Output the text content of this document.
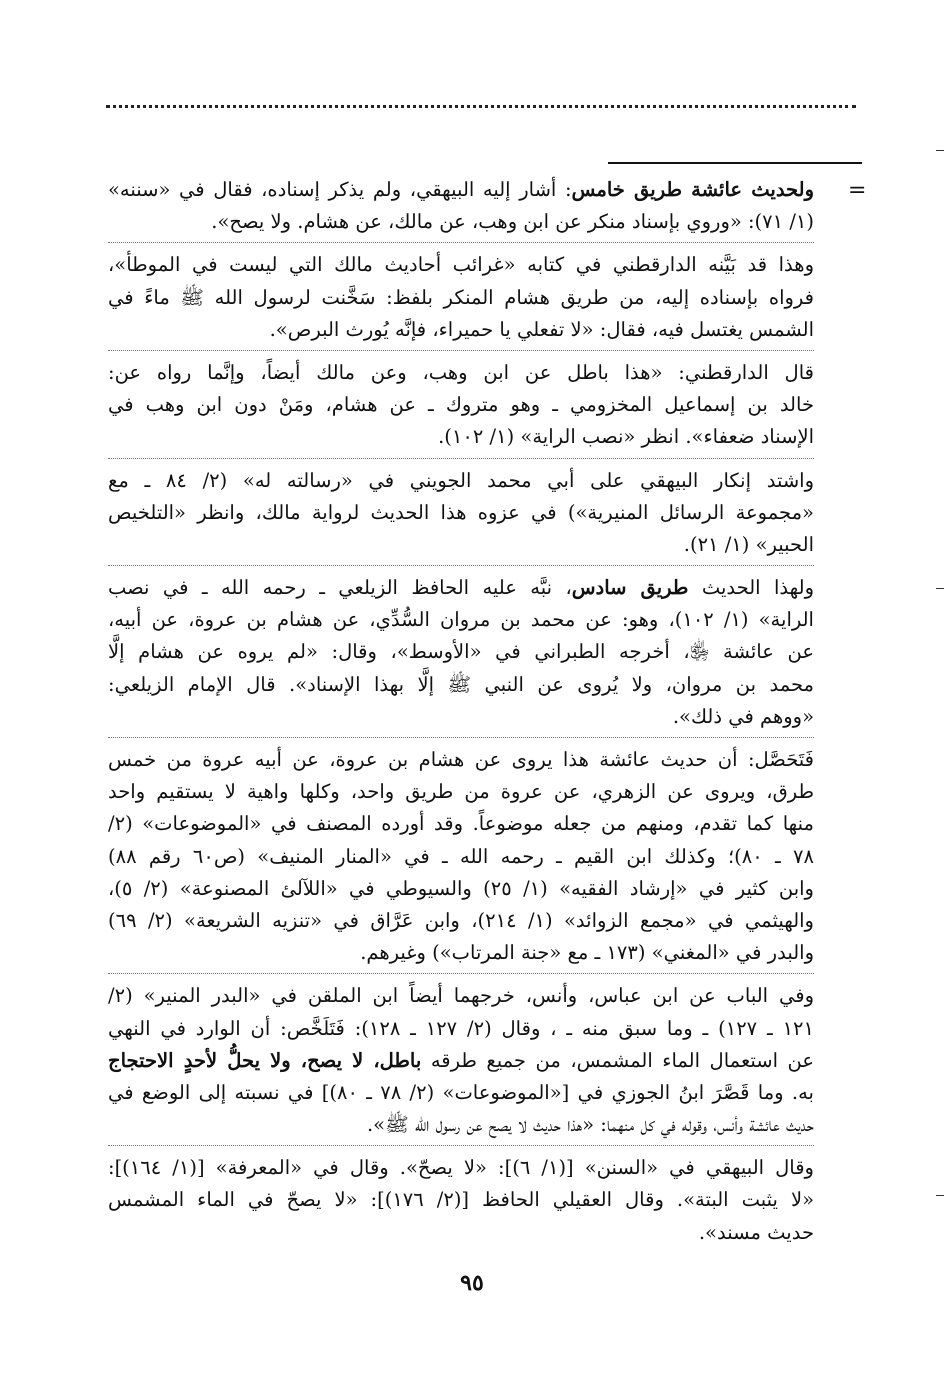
=
ولحديث عائشة طريق خامس: أشار إليه البيهقي، ولم يذكر إسناده، فقال في «سننه»
(١/ ٧١): «وروي بإسناد منكر عن ابن وهب، عن مالك، عن هشام. ولا يصح».
وهذا قد بَيَّنه الدارقطني في كتابه «غرائب أحاديث مالك التي ليست في الموطأ»،
فرواه بإسناده إليه، من طريق هشام المنكر بلفظ: سَخَّنت لرسول الله ﷺ ماءً في
الشمس يغتسل فيه، فقال: «لا تفعلي يا حميراء، فإنَّه يُورث البرص».
قال الدارقطني: «هذا باطل عن ابن وهب، وعن مالك أيضاً، وإنَّما رواه عن:
خالد بن إسماعيل المخزومي ـ وهو متروك ـ عن هشام، ومَنْ دون ابن وهب في
الإسناد ضعفاء». انظر «نصب الراية» (١/ ١٠٢).
واشتد إنكار البيهقي على أبي محمد الجويني في «رسالته له» (٢/ ٨٤ ـ مع
«مجموعة الرسائل المنيرية») في عزوه هذا الحديث لرواية مالك، وانظر «التلخيص
الحبير» (١/ ٢١).
ولهذا الحديث طريق سادس، نبَّه عليه الحافظ الزيلعي ـ رحمه الله ـ في نصب
الراية» (١/ ١٠٢)، وهو: عن محمد بن مروان السُّدِّي، عن هشام بن عروة، عن أبيه،
عن عائشة ﵂، أخرجه الطبراني في «الأوسط»، وقال: «لم يروه عن هشام إلَّا
محمد بن مروان، ولا يُروى عن النبي ﷺ إلَّا بهذا الإسناد». قال الإمام الزيلعي:
«ووهم في ذلك».
فَتَحَصَّل: أن حديث عائشة هذا يروى عن هشام بن عروة، عن أبيه عروة من خمس
طرق، ويروى عن الزهري، عن عروة من طريق واحد، وكلها واهية لا يستقيم واحد
منها كما تقدم، ومنهم من جعله موضوعاً. وقد أورده المصنف في «الموضوعات» (٢/
٧٨ ـ ٨٠)؛ وكذلك ابن القيم ـ رحمه الله ـ في «المنار المنيف» (ص٦٠ رقم ٨٨)
وابن كثير في «إرشاد الفقيه» (١/ ٢٥) والسيوطي في «اللآلئ المصنوعة» (٢/ ٥)،
والهيثمي في «مجمع الزوائد» (١/ ٢١٤)، وابن عَرَّاق في «تنزيه الشريعة» (٢/ ٦٩)
والبدر في «المغني» (١٧٣ ـ مع «جنة المرتاب») وغيرهم.
وفي الباب عن ابن عباس، وأنس، خرجهما أيضاً ابن الملقن في «البدر المنير» (٢/
١٢١ ـ ١٢٧) ـ وما سبق منه ـ ، وقال (٢/ ١٢٧ ـ ١٢٨): فَتَلَخَّص: أن الوارد في النهي
عن استعمال الماء المشمس، من جميع طرقه باطل، لا يصح، ولا يحلُّ لأحدٍ الاحتجاج
به. وما قَصَّرَ ابنُ الجوزي في [«الموضوعات» (٢/ ٧٨ ـ ٨٠)] في نسبته إلى الوضع في
حديث عائشة وأنس، وقوله في كل منهما: «هذا حديث لا يصح عن رسول الله ﷺ».
وقال البيهقي في «السنن» [(١/ ٦)]: «لا يصحّ». وقال في «المعرفة» [(١/ ١٦٤)]:
«لا يثبت البتة». وقال العقيلي الحافظ [(٢/ ١٧٦)]: «لا يصحّ في الماء المشمس
حديث مسند».
٩٥
